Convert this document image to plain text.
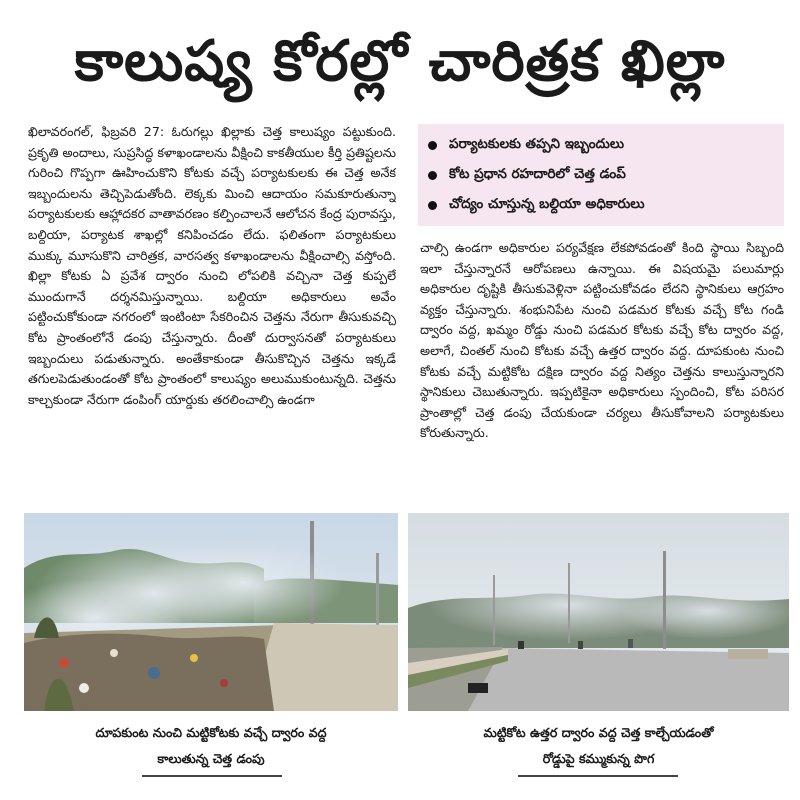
కాలుష్య కోరల్లో చారిత్రక ఖిల్లా

ఖిలావరంగల్, ఫిబ్రవరి 27: ఓరుగల్లు ఖిల్లాకు చెత్త కాలుష్యం పట్టుకుంది. ప్రకృతి అందాలు, సుప్రసిద్ధ కళాఖండాలను వీక్షించి కాకతీయుల కీర్తి ప్రతిష్టలను గురించి గొప్పగా ఊహించుకొని కోటకు వచ్చే పర్యాటకులకు ఈ చెత్త అనేక ఇబ్బందులను తెచ్చిపెడుతోంది. లెక్కకు మించి ఆదాయం సమకూరుతున్నా పర్యాటకులకు ఆహ్లాదకర వాతావరణం కల్పించాలనే ఆలోచన కేంద్ర పురావస్తు, బల్దియా, పర్యాటక శాఖల్లో కనిపించడం లేదు. ఫలితంగా పర్యాటకులు ముక్కు మూసుకొని చారిత్రక, వారసత్వ కళాఖండాలను వీక్షించాల్సి వస్తోంది. ఖిల్లా కోటకు ఏ ప్రవేశ ద్వారం నుంచి లోపలికి వచ్చినా చెత్త కుప్పలే ముందుగానే దర్శనమిస్తున్నాయి. బల్దియా అధికారులు అవేం పట్టించుకోకుండా నగరంలో ఇంటింటా సేకరించిన చెత్తను నేరుగా తీసుకువచ్చి కోట ప్రాంతంలోనే డంపు చేస్తున్నారు. దీంతో దుర్వాసనతో పర్యాటకులు ఇబ్బందులు పడుతున్నారు. అంతేకాకుండా తీసుకొచ్చిన చెత్తను ఇక్కడే తగులపెడుతుండంతో కోట ప్రాంతంలో కాలుష్యం అలుముకుంటున్నది. చెత్తను కాల్చకుండా నేరుగా డంపింగ్ యార్డుకు తరలించాల్సి ఉండగా

పర్యాటకులకు తప్పని ఇబ్బందులు
కోట ప్రధాన రహదారిలో చెత్త డంప్
చోద్యం చూస్తున్న బల్దియా అధికారులు

చాల్సి ఉండగా అధికారుల పర్యవేక్షణ లేకపోవడంతో కింది స్థాయి సిబ్బంది ఇలా చేస్తున్నారనే ఆరోపణలు ఉన్నాయి. ఈ విషయమై పలుమార్లు అధికారుల దృష్టికి తీసుకువెళ్లినా పట్టించుకోవడం లేదని స్థానికులు ఆగ్రహం వ్యక్తం చేస్తున్నారు. శంభునిపేట నుంచి పడమర కోటకు వచ్చే కోట గండి ద్వారం వద్ద, ఖమ్మం రోడ్డు నుంచి పడమర కోటకు వచ్చే కోట ద్వారం వద్ద, అలాగే, చింతల్ నుంచి కోటకు వచ్చే ఉత్తర ద్వారం వద్ద. దూపకుంట నుంచి కోటకు వచ్చే మట్టికోట దక్షిణ ద్వారం వద్ద నిత్యం చెత్తను కాలుస్తున్నారని స్థానికులు చెబుతున్నారు. ఇప్పటికైనా అధికారులు స్పందించి, కోట పరిసర ప్రాంతాల్లో చెత్త డంపు చేయకుండా చర్యలు తీసుకోవాలని పర్యాటకులు కోరుతున్నారు.

దూపకుంట నుంచి మట్టికోటకు వచ్చే ద్వారం వద్ద
కాలుతున్న చెత్త డంపు
మట్టికోట ఉత్తర ద్వారం వద్ద చెత్త కాల్చేయడంతో
రోడ్డుపై కమ్ముకున్న పొగ
